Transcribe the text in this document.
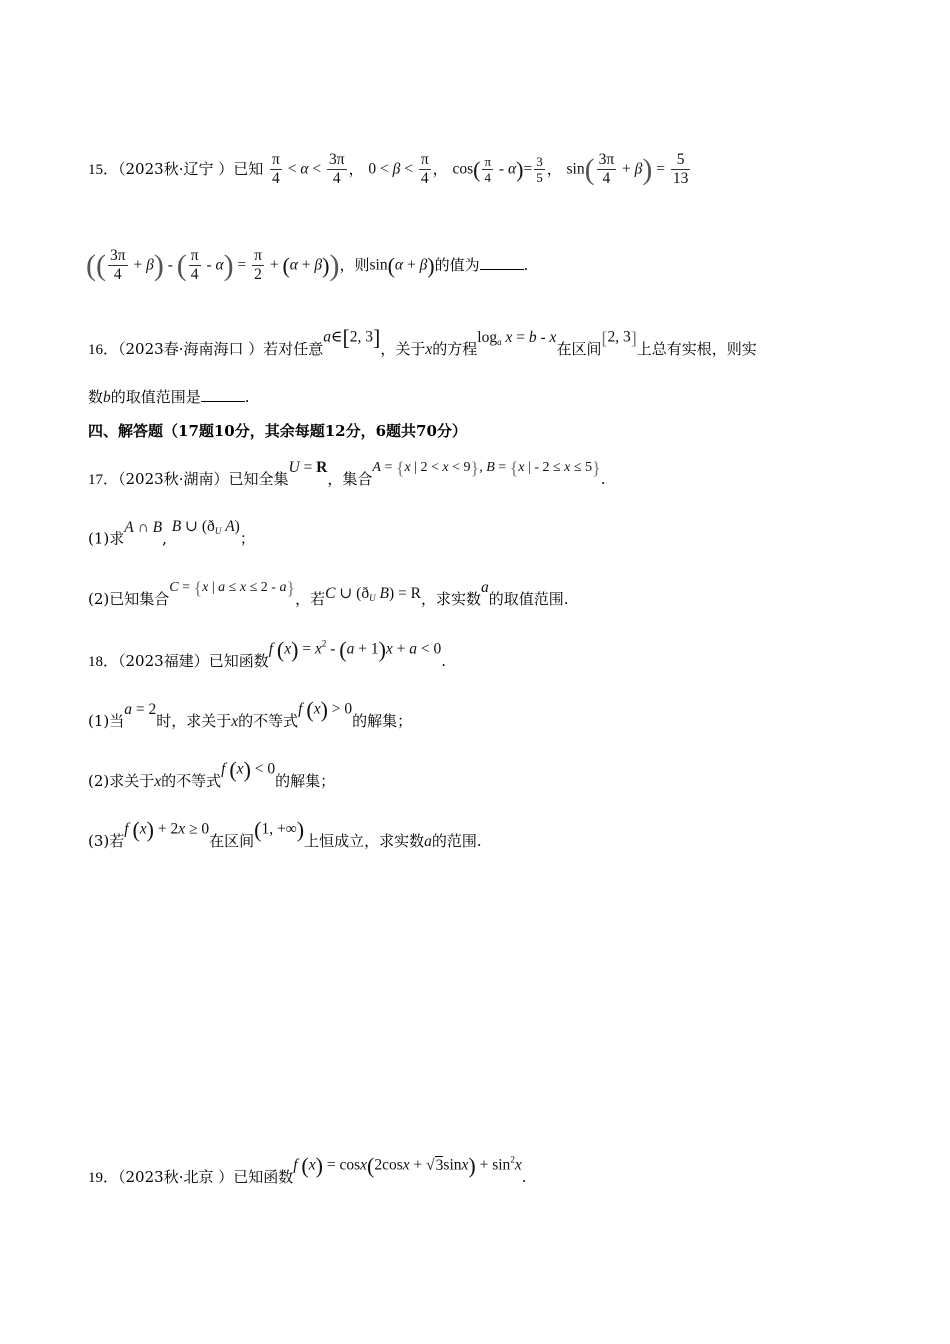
15．（2023秋·辽宁 ）已知 $\frac{\pi}{4} < \alpha < \frac{3\pi}{4}$ ， $0 < \beta < \frac{\pi}{4}$ ， $\cos( \frac{\pi}{4} - \alpha)= \frac{3}{5}$ ， $\sin( \frac{3\pi}{4} + \beta) = \frac{5}{13}$
(( $\frac{3\pi}{4} + \beta$) - ( $\frac{\pi}{4} - \alpha) = \frac{\pi}{2} + (\alpha + \beta)$)，则sin(α + β)的值为	.
16．（2023春·海南海口 ）若对任意a∈[2, 3]，关于x的方程$\log_a x = b - x$在区间[2, 3]上总有实根，则实
数b的取值范围是	.
四、解答题（17题10分，其余每题12分，6题共70分）
17．（2023秋·湖南）已知全集U = R，集合A = {x | 2 < x < 9}, B = {x | - 2 ≤ x ≤ 5}.
(1)求A ∩ B, B ∪ ($ð_U$ A)；
(2)已知集合C = {x | a ≤ x ≤ 2 - a}，若C ∪ ($ð_U$ B) = R，求实数a的取值范围.
18．（2023福建）已知函数f $(x) = x^2 - (a + 1)x + a < 0$.
(1)当a = 2时，求关于x的不等式f (x) > 0的解集；
(2)求关于x的不等式f (x) < 0的解集；
(3)若f (x) + 2x ≥ 0在区间(1, +∞)上恒成立，求实数a的范围.
19．（2023秋·北京 ）已知函数f $(x) = \cos x(2\cos x + √3\sin x) + \sin^2x$.
